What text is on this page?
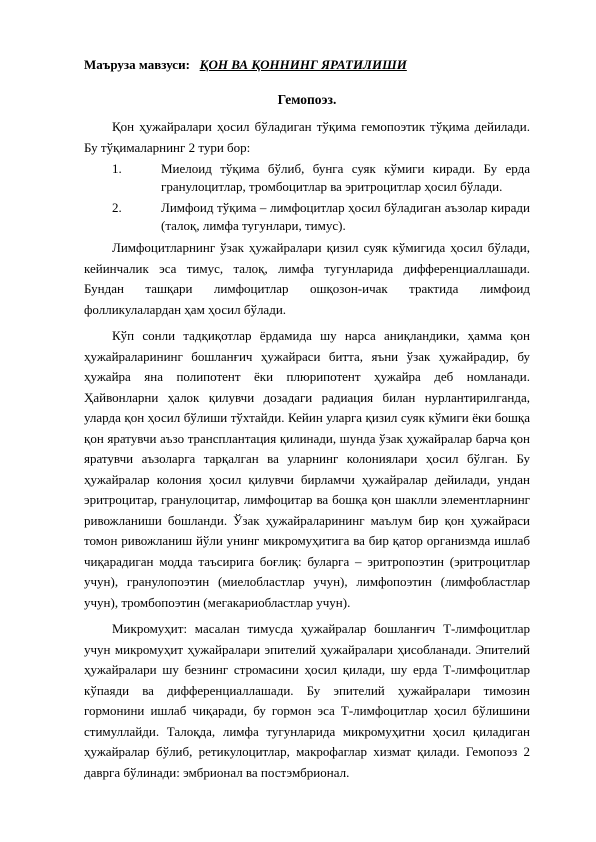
Маърузa мaвзуси: ҚОН ВА ҚОННИНГ ЯРАТИЛИШИ
Гемопоэз.

Қон ҳужайралари ҳосил бўладиган тўқима гемопоэтик тўқима дейилади. Бу тўқималарнинг 2 тури бор:

1.	Миелоид тўқима бўлиб, бунга суяк кўмиги киради. Бу ерда гранулоцитлар, тромбоцитлар ва эритроцитлар ҳосил бўлади.
2.	Лимфоид тўқима – лимфоцитлар ҳосил бўладиган аъзолар киради (талоқ, лимфа тугунлари, тимус).

Лимфоцитларнинг ўзак ҳужайралари қизил суяк кўмигида ҳосил бўлади, кейинчалик эса тимус, талоқ, лимфа тугунларида дифференциаллашади. Бундан ташқари лимфоцитлар ошқозон-ичак трактида лимфоид фолликулалардан ҳам ҳосил бўлади.

Кўп сонли тадқиқотлар ёрдамида шу нарса аниқландики, ҳамма қон ҳужайраларининг бошланғич ҳужайраси битта, яъни ўзак ҳужайрадир, бу ҳужайра яна полипотент ёки плюрипотент ҳужайра деб номланади. Ҳайвонларни ҳалок қилувчи дозадаги радиация билан нурлантирилганда, уларда қон ҳосил бўлиши тўхтайди. Кейин уларга қизил суяк кўмиги ёки бошқа қон яратувчи аъзо трансплантация қилинади, шунда ўзак ҳужайралар барча қон яратувчи аъзоларга тарқалган ва уларнинг колониялари ҳосил бўлган. Бу ҳужайралар колония ҳосил қилувчи бирламчи ҳужайралар дейилади, ундан эритроцитар, гранулоцитар, лимфоцитар ва бошқа қон шаклли элементларнинг ривожланиши бошланди. Ўзак ҳужайраларининг маълум бир қон ҳужайраси томон ривожланиш йўли унинг микромуҳитига ва бир қатор организмда ишлаб чиқарадиган модда таъсирига боғлиқ: буларга – эритропоэтин (эритроцитлар учун), гранулопоэтин (миелобластлар учун), лимфопоэтин (лимфобластлар учун), тромбопоэтин (мегакариобластлар учун).

Микромуҳит: масалан тимусда ҳужайралар бошланғич Т-лимфоцитлар учун микромуҳит ҳужайралари эпителий ҳужайралари ҳисобланади. Эпителий ҳужайралари шу безнинг стромасини ҳосил қилади, шу ерда Т-лимфоцитлар кўпаяди ва дифференциаллашади. Бу эпителий ҳужайралари тимозин гормонини ишлаб чиқаради, бу гормон эса Т-лимфоцитлар ҳосил бўлишини стимуллайди. Талоқда, лимфа тугунларида микромуҳитни ҳосил қиладиган ҳужайралар бўлиб, ретикулоцитлар, макрофаглар хизмат қилади. Гемопоэз 2 даврга бўлинади: эмбрионал ва постэмбрионал.
